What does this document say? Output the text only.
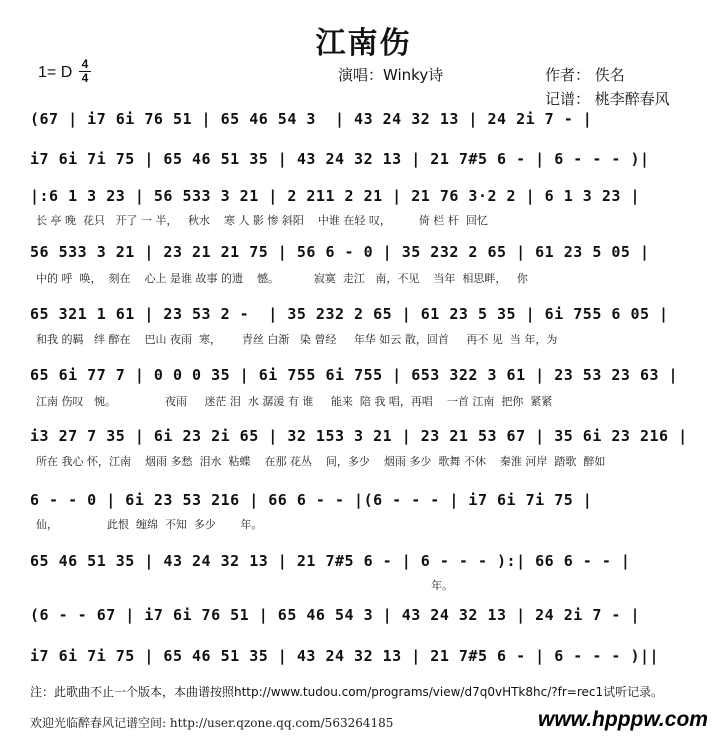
江南伤
1= D 4
4	演唱：Winky诗	作者： 佚名
记谱： 桃李醉春风
(67 | i7 6i 76 51 | 65 46 54 3  | 43 24 32 13 | 24 2i 7 - |
i7 6i 7i 75 | 65 46 51 35 | 43 24 32 13 | 21 7#5 6 - | 6 - - - )|
|:6 1 3 23 | 56 533 3 21 | 2 211 2 21 | 21 76 3·2 2 | 6 1 3 23 |
长 亭 晚  花只   开了 一 半，   秋水    寒 人 影 惨 斜阳    中谁 在轻 叹，        倚 栏 杆  回忆
56 533 3 21 | 23 21 21 75 | 56 6 - 0 | 35 232 2 65 | 61 23 5 05 |
中的 呼  唤，  刻在    心上 是谁 故事 的遗    憾。          寂寞  走江   南，不见    当年  相思畔，   你
65 321 1 61 | 23 53 2 -  | 35 232 2 65 | 61 23 5 35 | 6i 755 6 05 |
和我 的羁   绊 醉在    巴山 夜雨  寒，      青丝 白渐   染 曾经     年华 如云 散，回首     再不 见  当 年，为
65 6i 77 7 | 0 0 0 35 | 6i 755 6i 755 | 653 322 3 61 | 23 53 23 63 |
江南 伤叹   惋。              夜雨     迷茫 泪  水 潺湲 有 谁     能来  陪 我 唱，再唱    一首 江南  把你  紧紧
i3 27 7 35 | 6i 23 2i 65 | 32 153 3 21 | 23 21 53 67 | 35 6i 23 216 |
所在 我心 怀，江南    烟雨 多愁  泪水  粘蝶    在那 花丛    间，多少    烟雨 多少  歌舞 不休    秦淮 河岸  踏歌  醉如
6 - - 0 | 6i 23 53 216 | 66 6 - - |(6 - - - | i7 6i 7i 75 |
仙，              此恨  缠绵  不知  多少       年。
65 46 51 35 | 43 24 32 13 | 21 7#5 6 - | 6 - - - ):| 66 6 - - |
年。
(6 - - 67 | i7 6i 76 51 | 65 46 54 3 | 43 24 32 13 | 24 2i 7 - |
i7 6i 7i 75 | 65 46 51 35 | 43 24 32 13 | 21 7#5 6 - | 6 - - - )||
注：此歌曲不止一个版本，本曲谱按照http://www.tudou.com/programs/view/d7q0vHTk8hc/?fr=rec1试听记录。
欢迎光临醉春风记谱空间: http://user.qzone.qq.com/563264185	www.hpppw.com
